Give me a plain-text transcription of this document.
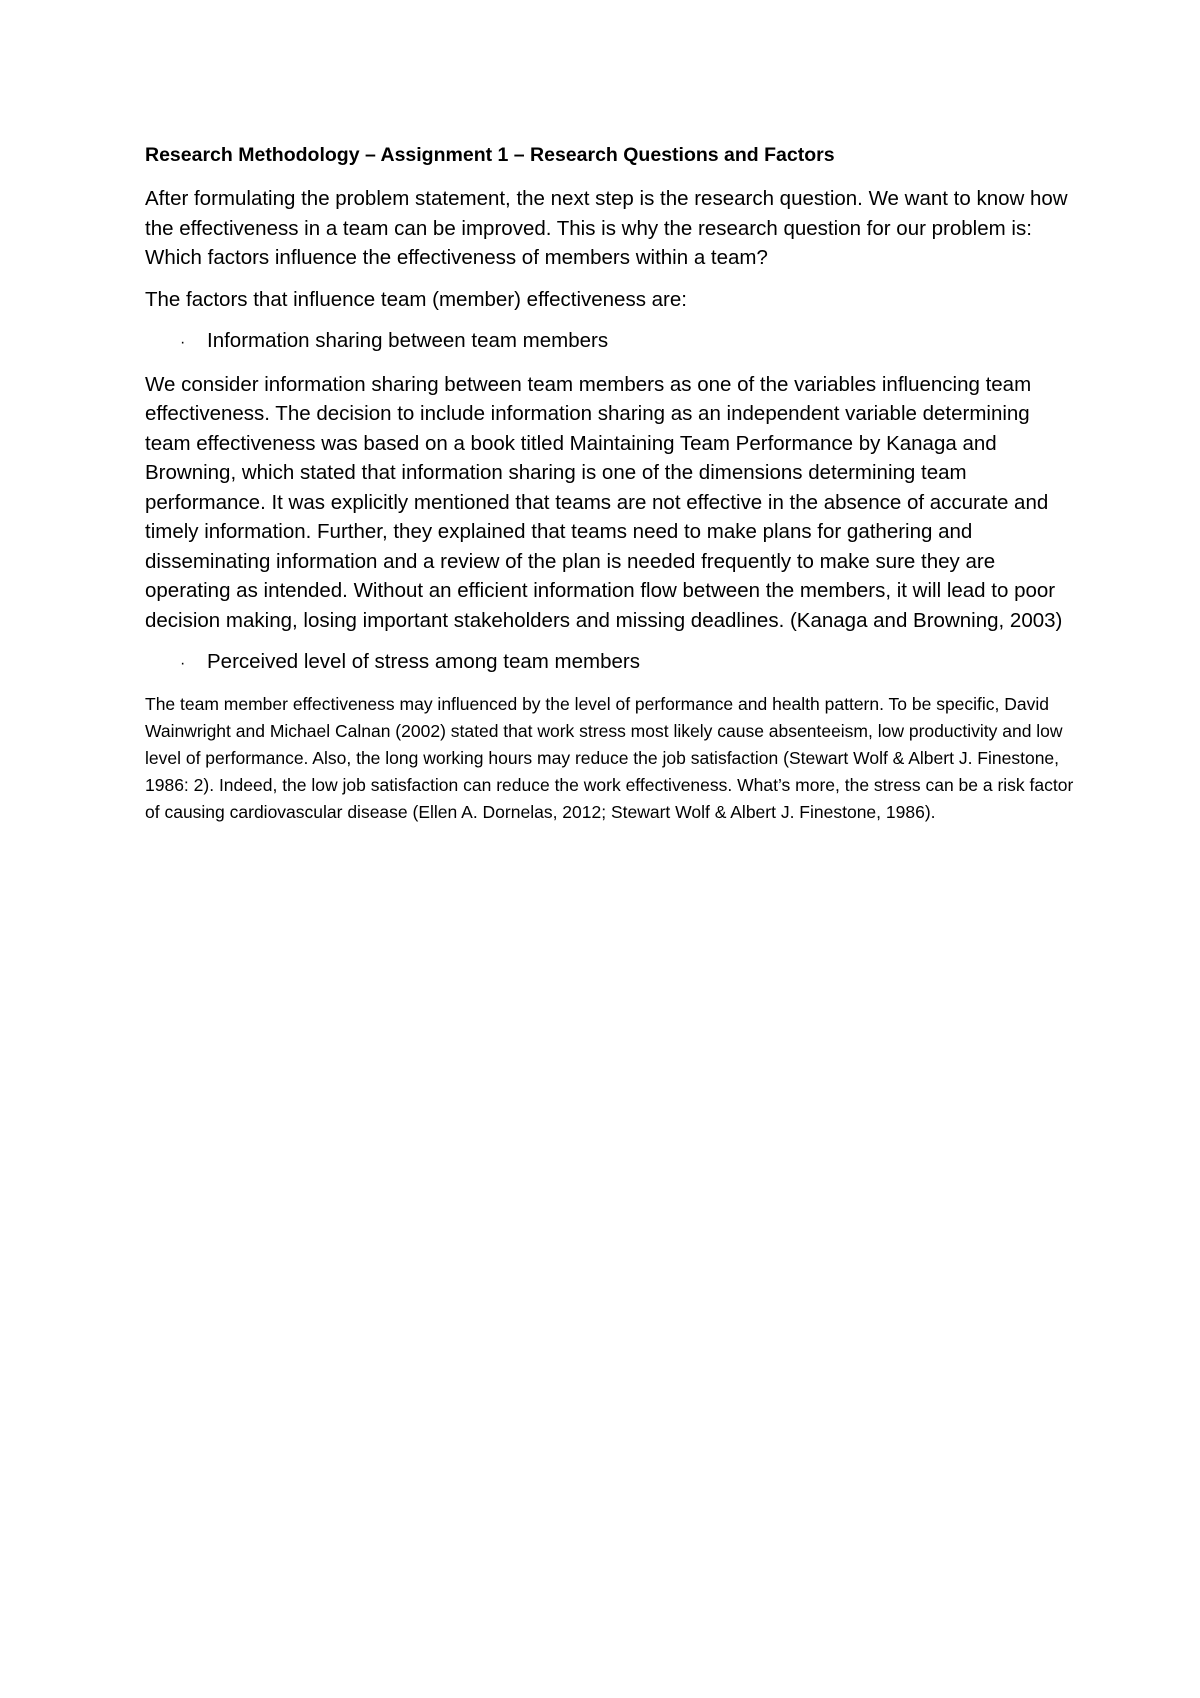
Research Methodology – Assignment 1 – Research Questions and Factors

After formulating the problem statement, the next step is the research question. We want to know how the effectiveness in a team can be improved. This is why the research question for our problem is: Which factors influence the effectiveness of members within a team?

The factors that influence team (member) effectiveness are:

·	Information sharing between team members

We consider information sharing between team members as one of the variables influencing team effectiveness. The decision to include information sharing as an independent variable determining team effectiveness was based on a book titled Maintaining Team Performance by Kanaga and Browning, which stated that information sharing is one of the dimensions determining team performance. It was explicitly mentioned that teams are not effective in the absence of accurate and timely information. Further, they explained that teams need to make plans for gathering and disseminating information and a review of the plan is needed frequently to make sure they are operating as intended. Without an efficient information flow between the members, it will lead to poor decision making, losing important stakeholders and missing deadlines. (Kanaga and Browning, 2003)

·	Perceived level of stress among team members

The team member effectiveness may influenced by the level of performance and health pattern. To be specific, David Wainwright and Michael Calnan (2002) stated that work stress most likely cause absenteeism, low productivity and low level of performance. Also, the long working hours may reduce the job satisfaction (Stewart Wolf & Albert J. Finestone, 1986: 2). Indeed, the low job satisfaction can reduce the work effectiveness. What’s more, the stress can be a risk factor of causing cardiovascular disease (Ellen A. Dornelas, 2012; Stewart Wolf & Albert J. Finestone, 1986).
